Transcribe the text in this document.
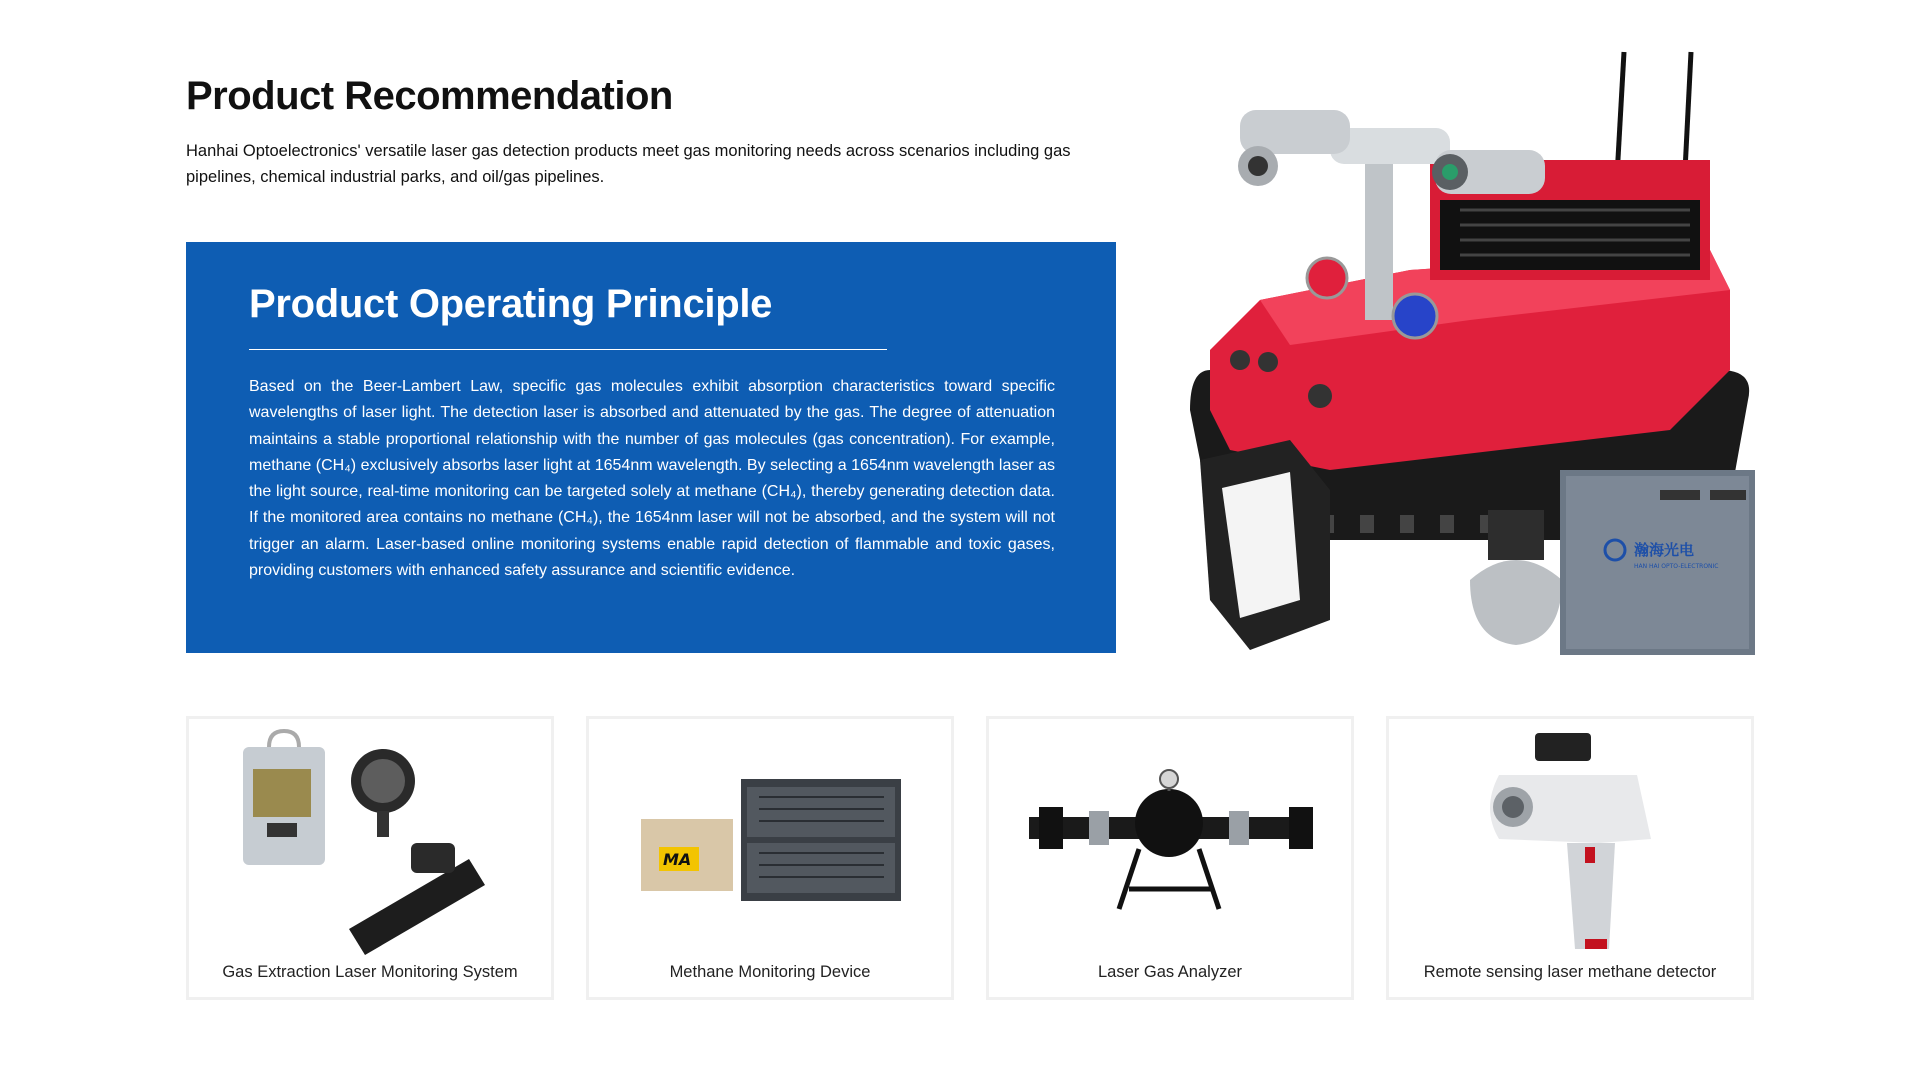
Product Recommendation
Hanhai Optoelectronics' versatile laser gas detection products meet gas monitoring needs across scenarios including gas pipelines, chemical industrial parks, and oil/gas pipelines.
Product Operating Principle
Based on the Beer-Lambert Law, specific gas molecules exhibit absorption characteristics toward specific wavelengths of laser light. The detection laser is absorbed and attenuated by the gas. The degree of attenuation maintains a stable proportional relationship with the number of gas molecules (gas concentration). For example, methane (CH₄) exclusively absorbs laser light at 1654nm wavelength. By selecting a 1654nm wavelength laser as the light source, real-time monitoring can be targeted solely at methane (CH₄), thereby generating detection data. If the monitored area contains no methane (CH₄), the 1654nm laser will not be absorbed, and the system will not trigger an alarm. Laser-based online monitoring systems enable rapid detection of flammable and toxic gases, providing customers with enhanced safety assurance and scientific evidence.
瀚海光电
HAN HAI OPTO-ELECTRONIC
Gas Extraction Laser Monitoring System
MA
Methane Monitoring Device	Laser Gas Analyzer	Remote sensing laser methane detector
